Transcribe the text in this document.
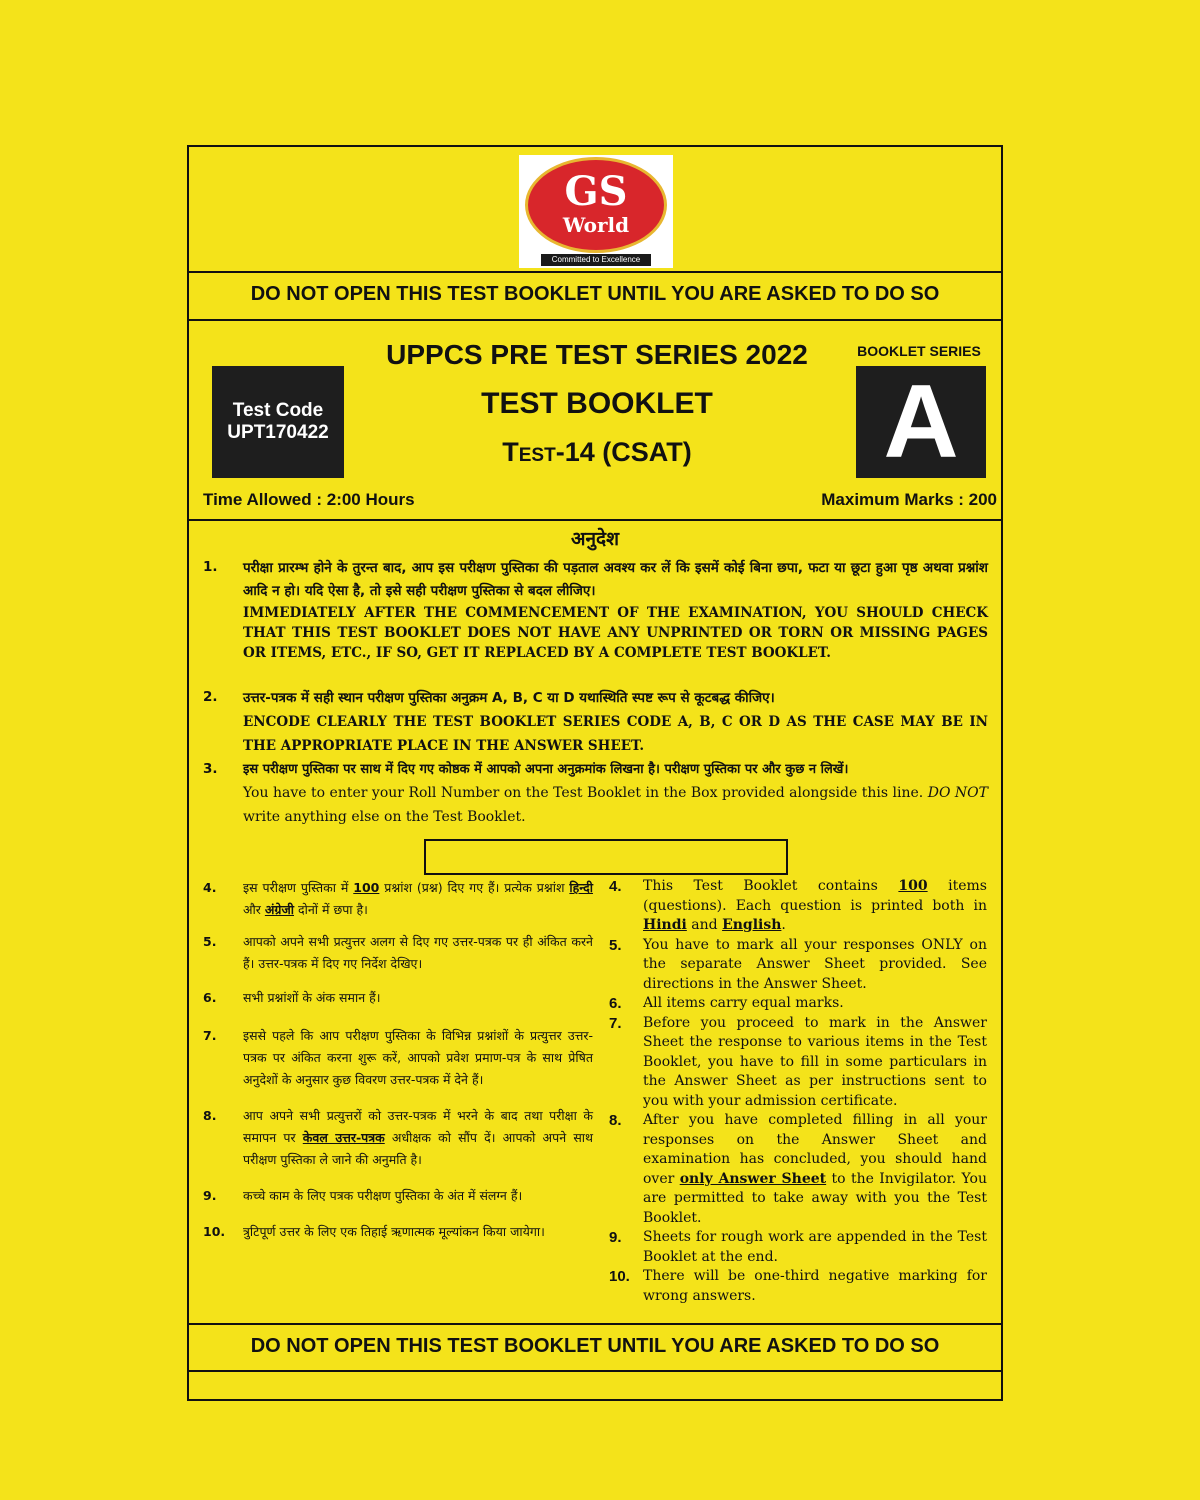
GS
World
Committed to Excellence
DO NOT OPEN THIS TEST BOOKLET UNTIL YOU ARE ASKED TO DO SO
Test Code
UPT170422
UPPCS PRE TEST SERIES 2022
TEST BOOKLET
Test-14 (CSAT)
BOOKLET SERIES
A
Time Allowed : 2:00 Hours	Maximum Marks : 200
अनुदेश
1. परीक्षा प्रारम्भ होने के तुरन्त बाद, आप इस परीक्षण पुस्तिका की पड़ताल अवश्य कर लें कि इसमें कोई बिना छपा, फटा या छूटा हुआ पृष्ठ अथवा प्रश्नांश आदि न हो। यदि ऐसा है, तो इसे सही परीक्षण पुस्तिका से बदल लीजिए।
IMMEDIATELY AFTER THE COMMENCEMENT OF THE EXAMINATION, YOU SHOULD CHECK THAT THIS TEST BOOKLET DOES NOT HAVE ANY UNPRINTED OR TORN OR MISSING PAGES OR ITEMS, ETC., IF SO, GET IT REPLACED BY A COMPLETE TEST BOOKLET.
2. उत्तर-पत्रक में सही स्थान परीक्षण पुस्तिका अनुक्रम A, B, C या D यथास्थिति स्पष्ट रूप से कूटबद्ध कीजिए।
ENCODE CLEARLY THE TEST BOOKLET SERIES CODE A, B, C OR D AS THE CASE MAY BE IN THE APPROPRIATE PLACE IN THE ANSWER SHEET.
3. इस परीक्षण पुस्तिका पर साथ में दिए गए कोष्ठक में आपको अपना अनुक्रमांक लिखना है। परीक्षण पुस्तिका पर और कुछ न लिखें।
You have to enter your Roll Number on the Test Booklet in the Box provided alongside this line. DO NOT write anything else on the Test Booklet.
4. इस परीक्षण पुस्तिका में 100 प्रश्नांश (प्रश्न) दिए गए हैं। प्रत्येक प्रश्नांश हिन्दी और अंग्रेजी दोनों में छपा है।
5. आपको अपने सभी प्रत्युत्तर अलग से दिए गए उत्तर-पत्रक पर ही अंकित करने हैं। उत्तर-पत्रक में दिए गए निर्देश देखिए।
6. सभी प्रश्नांशों के अंक समान हैं।
7. इससे पहले कि आप परीक्षण पुस्तिका के विभिन्न प्रश्नांशों के प्रत्युत्तर उत्तर-पत्रक पर अंकित करना शुरू करें, आपको प्रवेश प्रमाण-पत्र के साथ प्रेषित अनुदेशों के अनुसार कुछ विवरण उत्तर-पत्रक में देने हैं।
8. आप अपने सभी प्रत्युत्तरों को उत्तर-पत्रक में भरने के बाद तथा परीक्षा के समापन पर केवल उत्तर-पत्रक अधीक्षक को सौंप दें। आपको अपने साथ परीक्षण पुस्तिका ले जाने की अनुमति है।
9. कच्चे काम के लिए पत्रक परीक्षण पुस्तिका के अंत में संलग्न हैं।
10. त्रुटिपूर्ण उत्तर के लिए एक तिहाई ऋणात्मक मूल्यांकन किया जायेगा।
4. This Test Booklet contains 100 items (questions). Each question is printed both in Hindi and English.
5. You have to mark all your responses ONLY on the separate Answer Sheet provided. See directions in the Answer Sheet.
6. All items carry equal marks.
7. Before you proceed to mark in the Answer Sheet the response to various items in the Test Booklet, you have to fill in some particulars in the Answer Sheet as per instructions sent to you with your admission certificate.
8. After you have completed filling in all your responses on the Answer Sheet and examination has concluded, you should hand over only Answer Sheet to the Invigilator. You are permitted to take away with you the Test Booklet.
9. Sheets for rough work are appended in the Test Booklet at the end.
10. There will be one-third negative marking for wrong answers.
DO NOT OPEN THIS TEST BOOKLET UNTIL YOU ARE ASKED TO DO SO
